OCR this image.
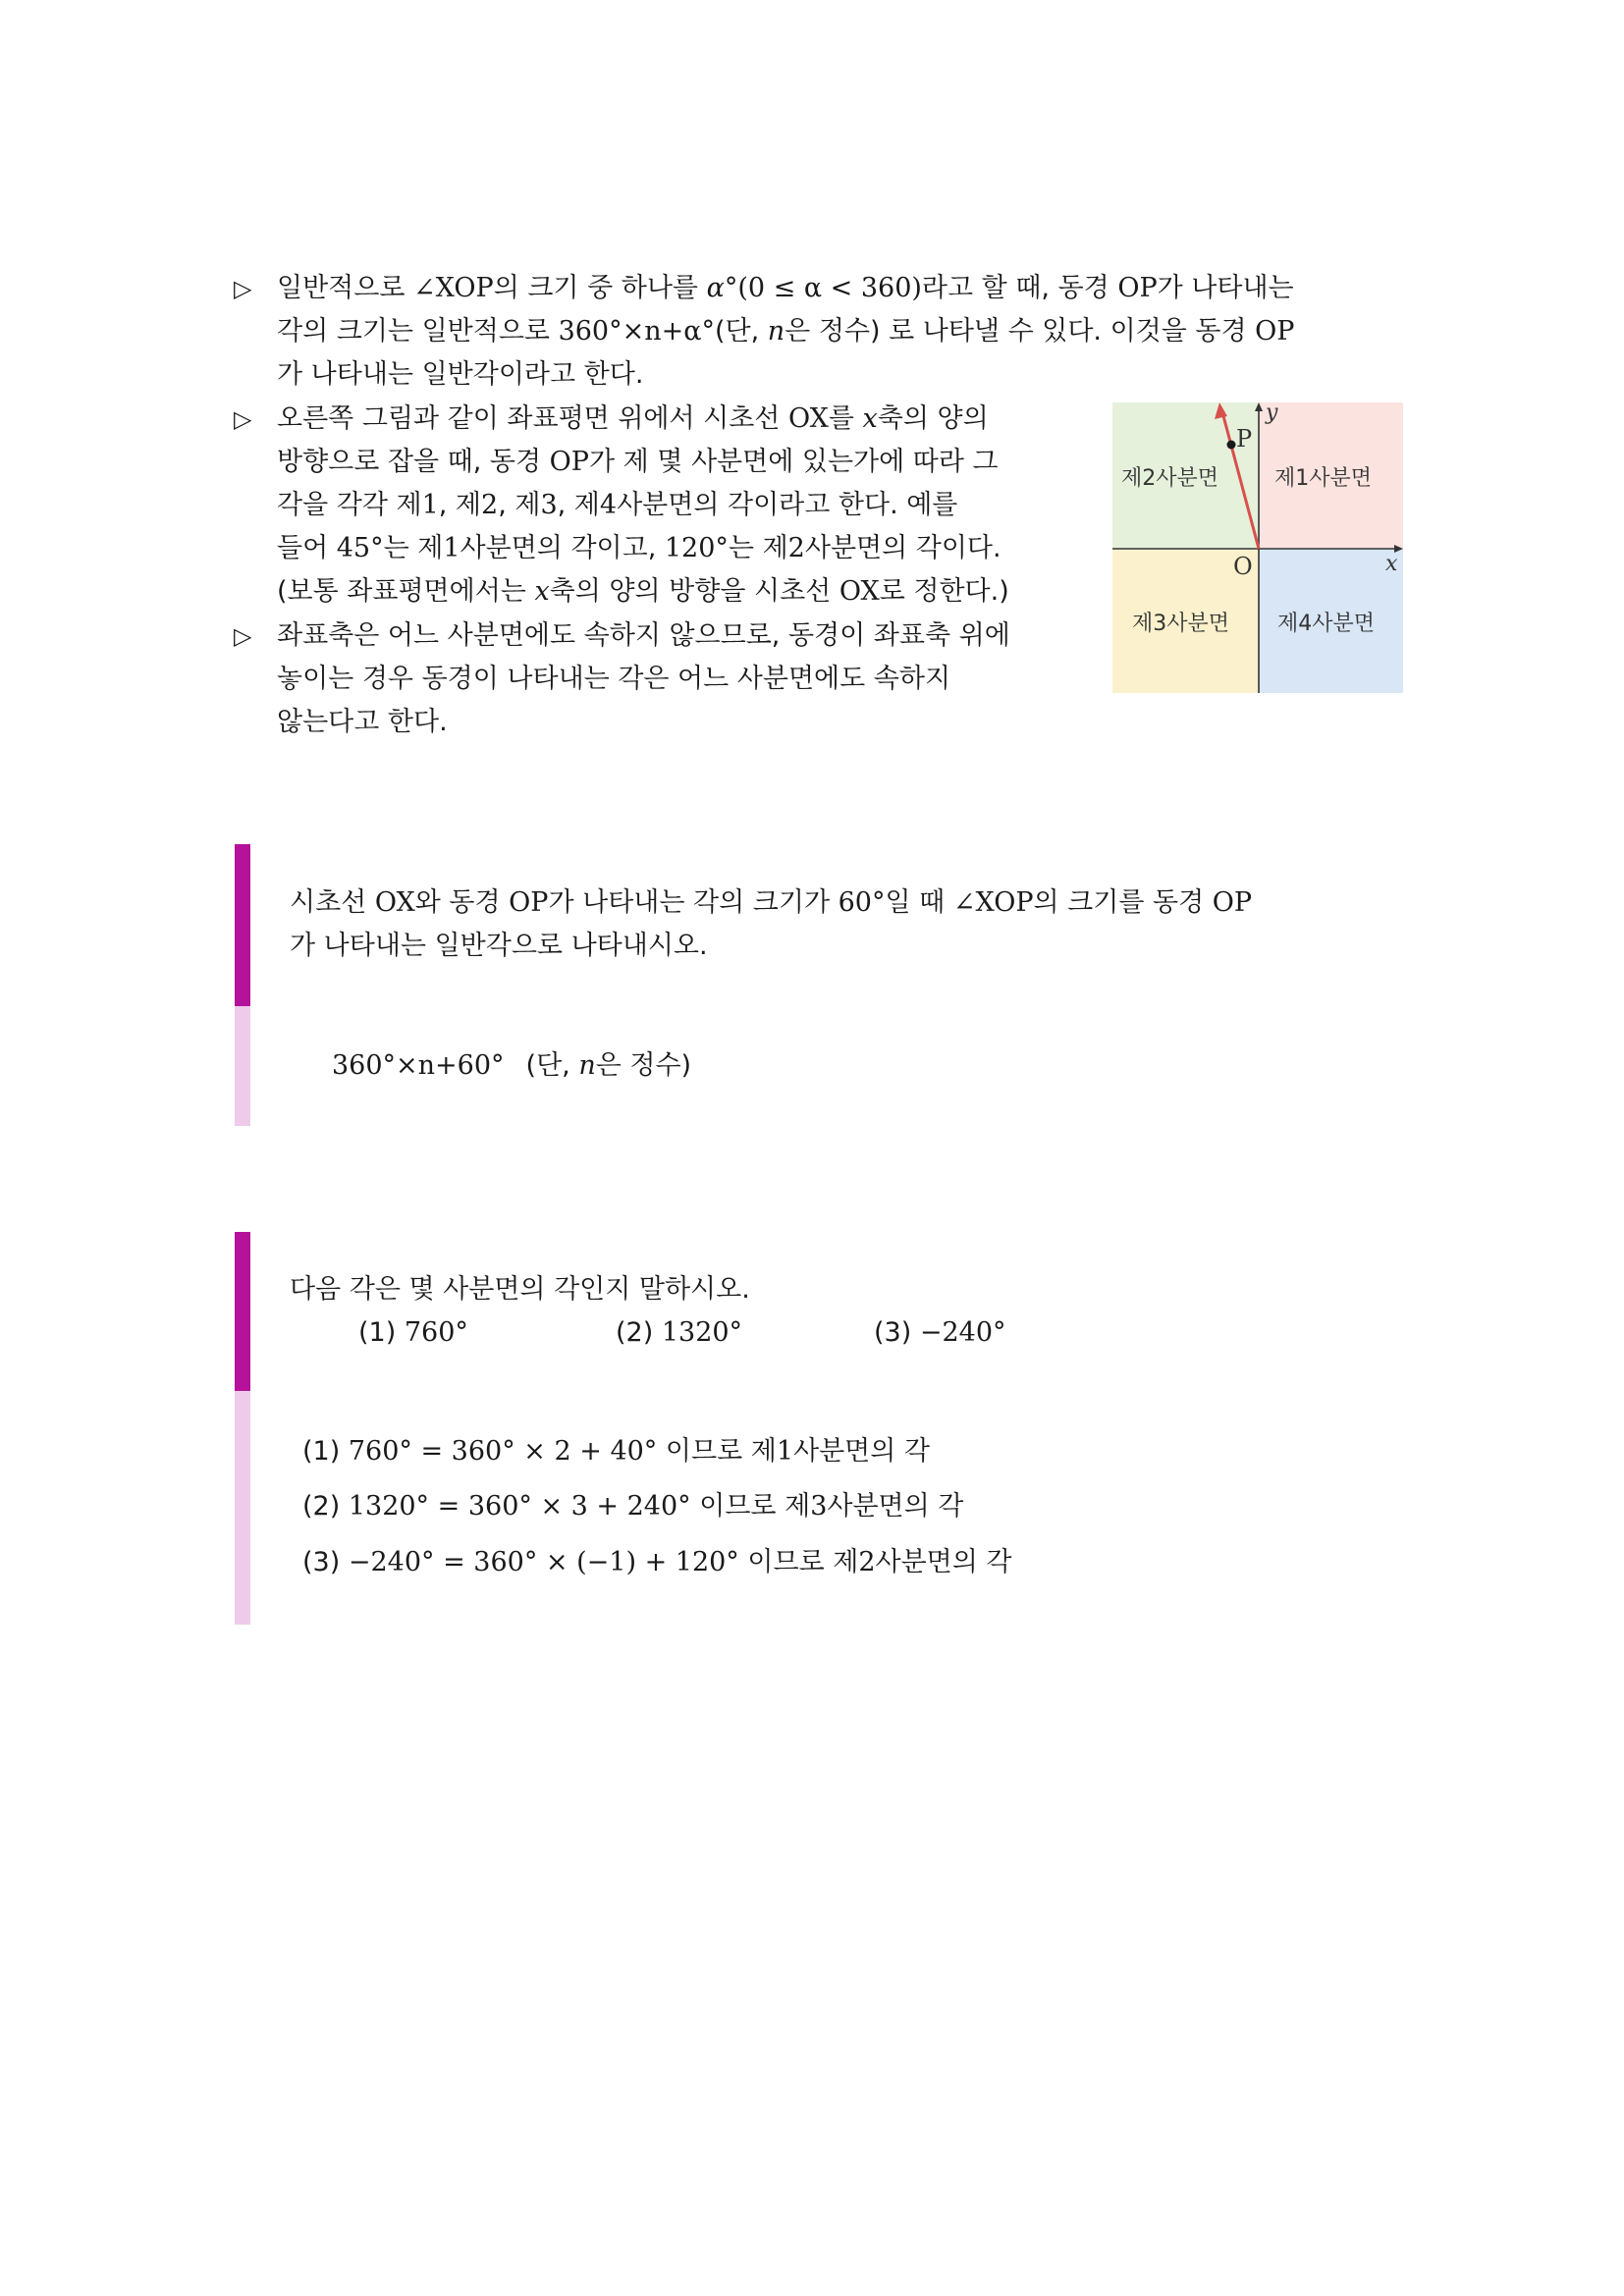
▷ 일반적으로 ∠XOP의 크기 중 하나를 α°(0 ≤ α < 360)라고 할 때, 동경 OP가 나타내는
각의 크기는 일반적으로 360°×n+α°(단, n은 정수) 로 나타낼 수 있다. 이것을 동경 OP
가 나타내는 일반각이라고 한다.
▷ 오른쪽 그림과 같이 좌표평면 위에서 시초선 OX를 x축의 양의
방향으로 잡을 때, 동경 OP가 제 몇 사분면에 있는가에 따라 그
각을 각각 제1, 제2, 제3, 제4사분면의 각이라고 한다. 예를
들어 45°는 제1사분면의 각이고, 120°는 제2사분면의 각이다.
(보통 좌표평면에서는 x축의 양의 방향을 시초선 OX로 정한다.)
▷ 좌표축은 어느 사분면에도 속하지 않으므로, 동경이 좌표축 위에
놓이는 경우 동경이 나타내는 각은 어느 사분면에도 속하지
않는다고 한다.
P
y
x
O
제2사분면	제1사분면
제3사분면 제4사분면
시초선 OX와 동경 OP가 나타내는 각의 크기가 60°일 때 ∠XOP의 크기를 동경 OP
가 나타내는 일반각으로 나타내시오.
360°×n+60° (단, n은 정수)
다음 각은 몇 사분면의 각인지 말하시오.
(1) 760°	(2) 1320°	(3) −240°
(1) 760° = 360° × 2 + 40° 이므로 제1사분면의 각
(2) 1320° = 360° × 3 + 240° 이므로 제3사분면의 각
(3) −240° = 360° × (−1) + 120° 이므로 제2사분면의 각
